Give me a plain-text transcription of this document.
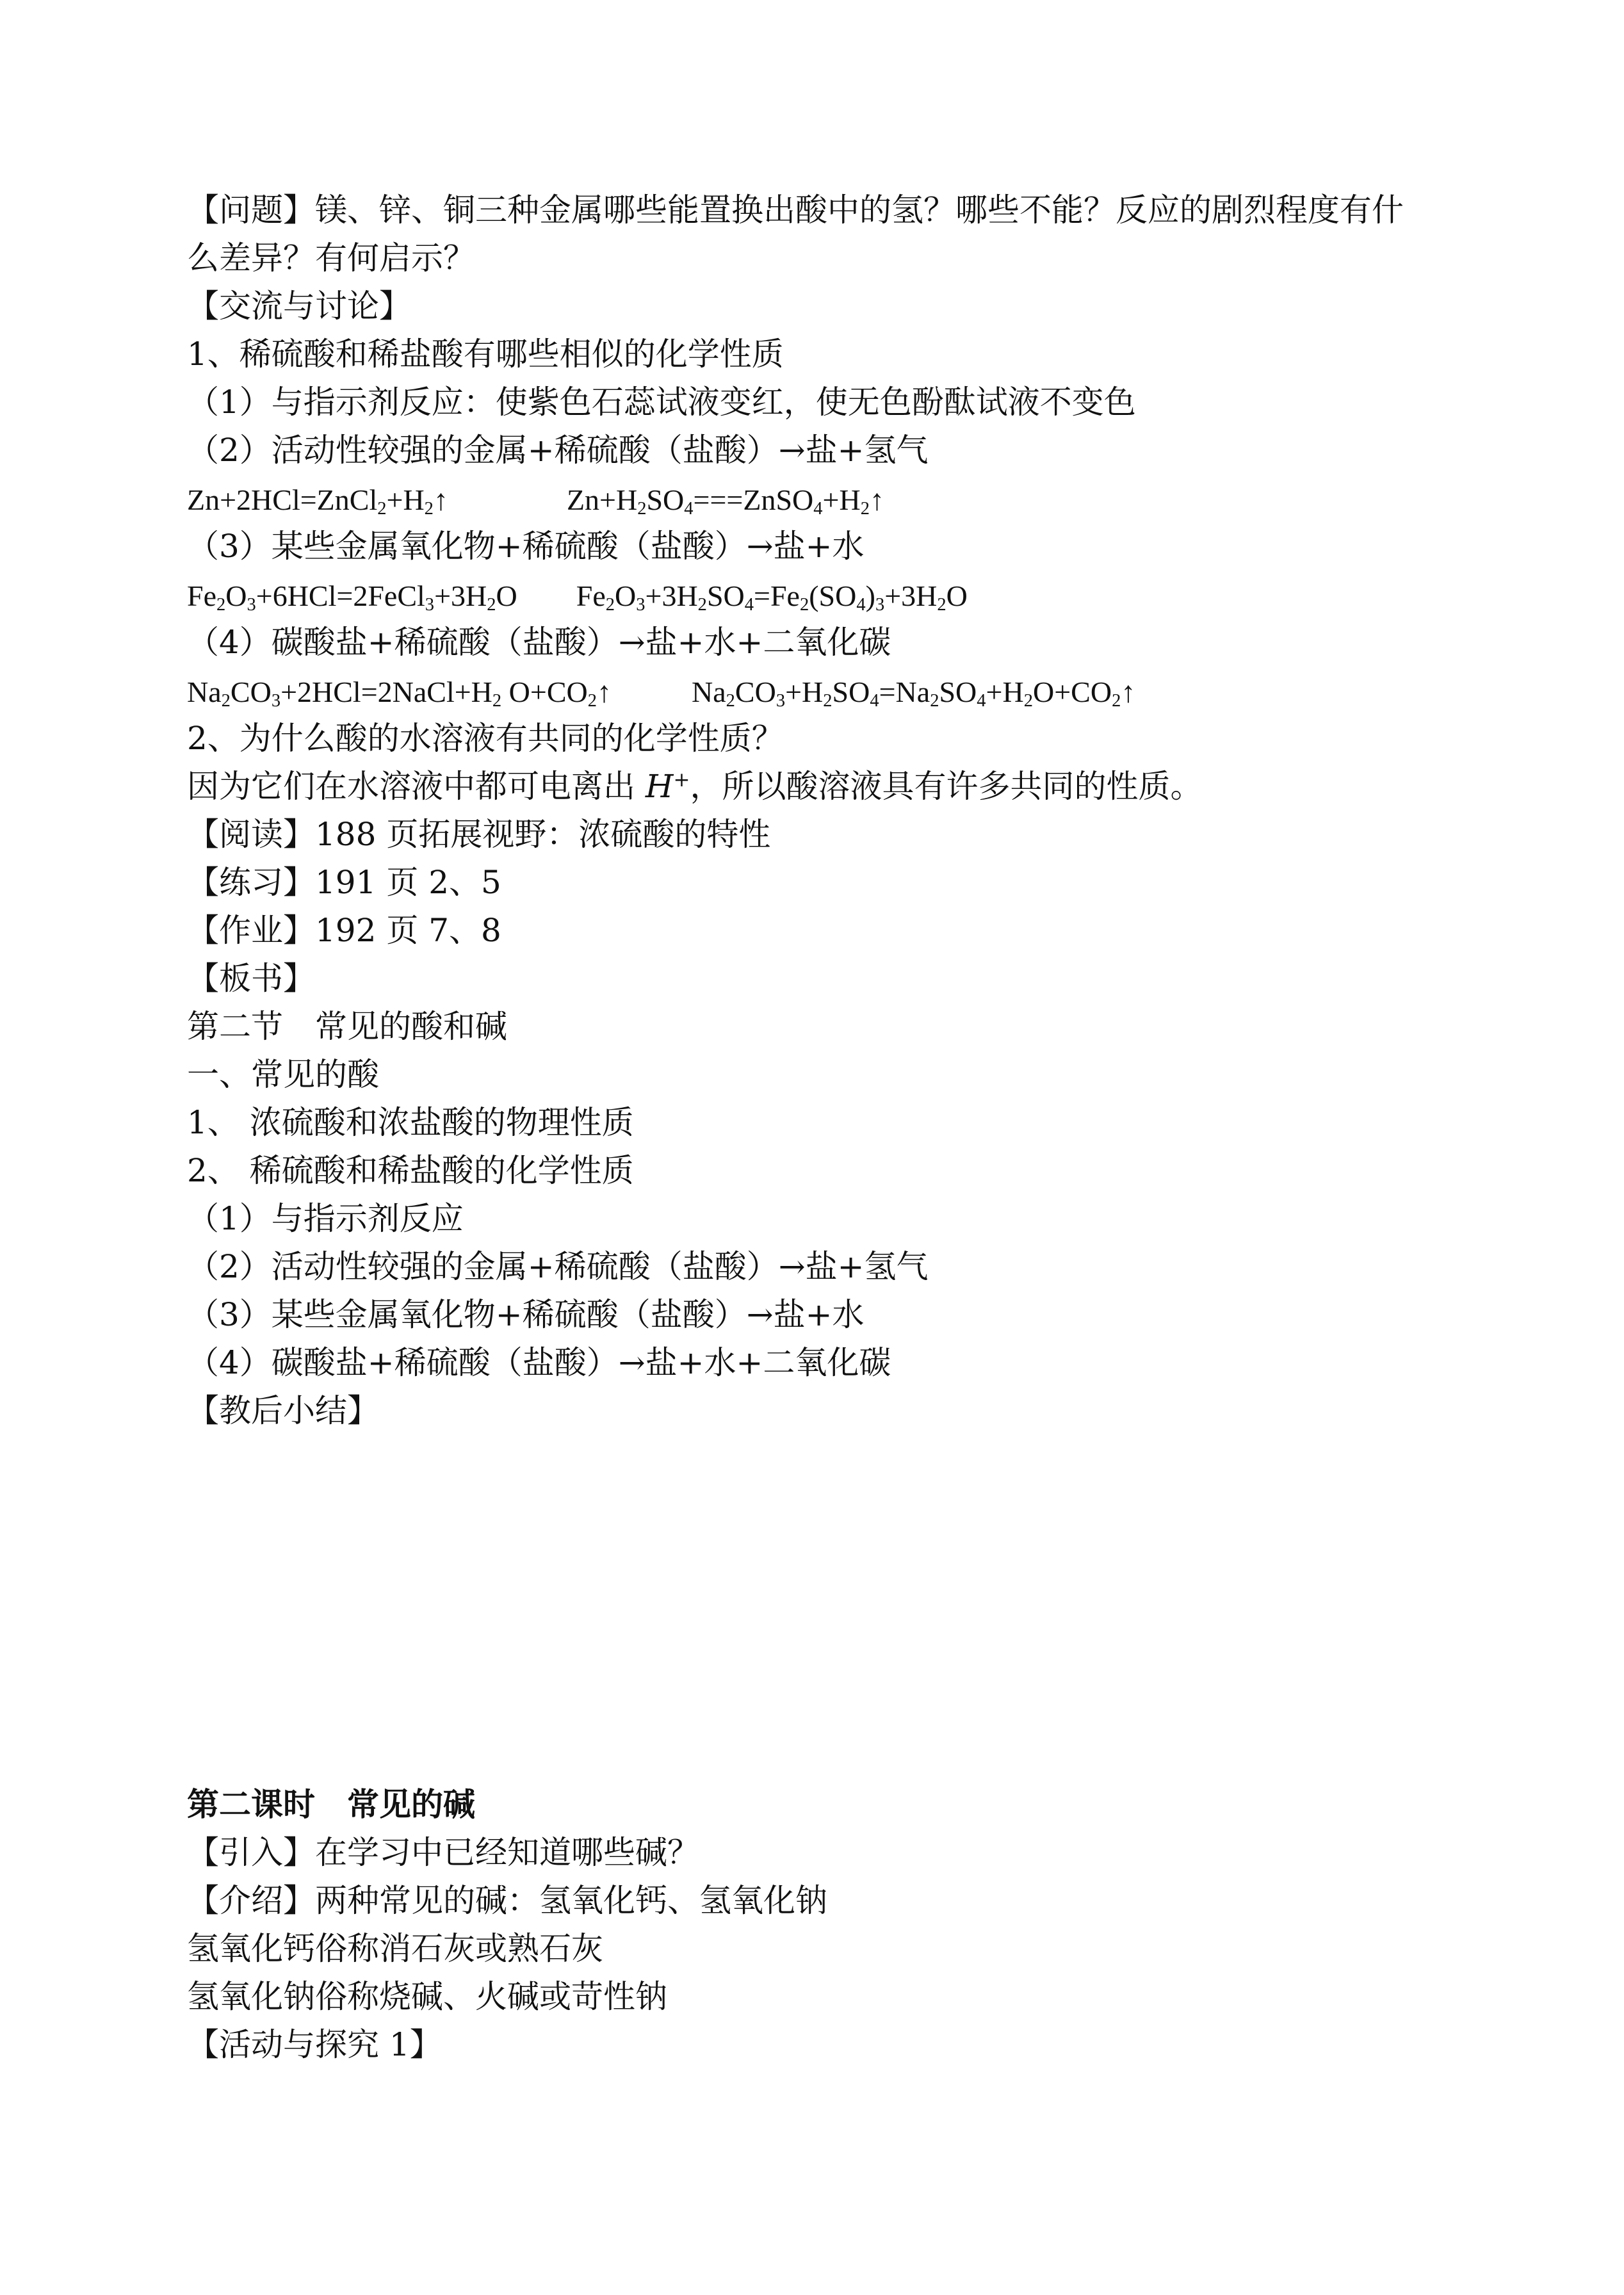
【问题】镁、锌、铜三种金属哪些能置换出酸中的氢？哪些不能？反应的剧烈程度有什
么差异？有何启示？
【交流与讨论】
1、稀硫酸和稀盐酸有哪些相似的化学性质
（1）与指示剂反应：使紫色石蕊试液变红，使无色酚酞试液不变色
（2）活动性较强的金属+稀硫酸（盐酸）→盐+氢气
$Zn+2HCl=ZnCl_2+H_2↑$	$Zn+H_2SO_4===ZnSO_4+H_2↑$
（3）某些金属氧化物+稀硫酸（盐酸）→盐+水
$Fe_2O_3+6HCl=2FeCl_3+3H_2O$ $Fe_2O_3+3H_2SO_4=Fe_2(SO_4)_3+3H_2O$
（4）碳酸盐+稀硫酸（盐酸）→盐+水+二氧化碳
$Na_2CO_3+2HCl=2NaCl+H_2$ $O+CO_2↑$	$Na_2CO_3+H_2SO_4=Na_2SO_4+H_2O+CO_2↑$
2、为什么酸的水溶液有共同的化学性质？
因为它们在水溶液中都可电离出 H+，所以酸溶液具有许多共同的性质。
【阅读】188 页拓展视野：浓硫酸的特性
【练习】191 页 2、5
【作业】192 页 7、8
【板书】
第二节　常见的酸和碱
一、常见的酸
1、 浓硫酸和浓盐酸的物理性质
2、 稀硫酸和稀盐酸的化学性质
（1）与指示剂反应
（2）活动性较强的金属+稀硫酸（盐酸）→盐+氢气
（3）某些金属氧化物+稀硫酸（盐酸）→盐+水
（4）碳酸盐+稀硫酸（盐酸）→盐+水+二氧化碳
【教后小结】
第二课时　常见的碱
【引入】在学习中已经知道哪些碱？
【介绍】两种常见的碱：氢氧化钙、氢氧化钠
氢氧化钙俗称消石灰或熟石灰
氢氧化钠俗称烧碱、火碱或苛性钠
【活动与探究 1】
